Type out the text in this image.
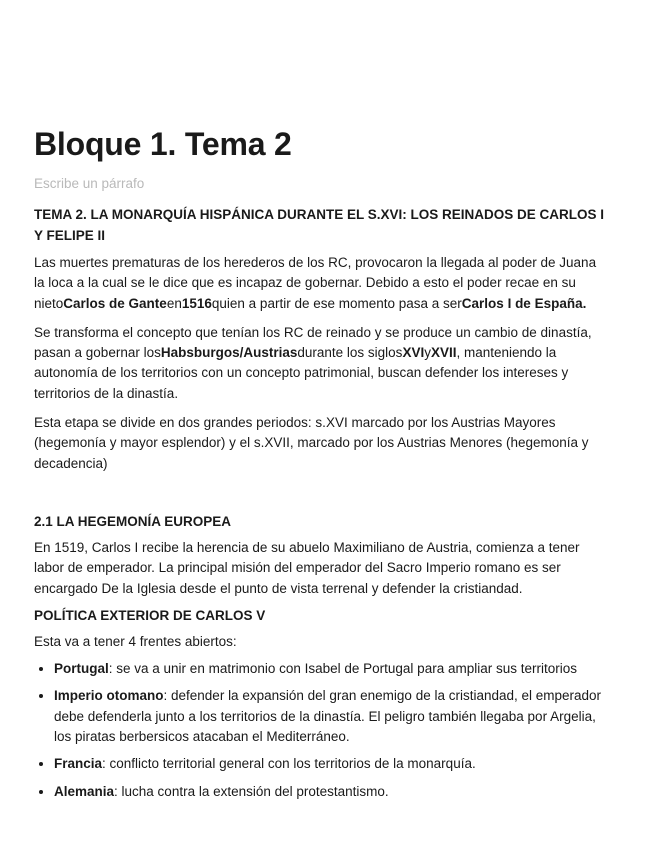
Bloque 1. Tema 2

Escribe un párrafo

TEMA 2. LA MONARQUÍA HISPÁNICA DURANTE EL S.XVI: LOS REINADOS DE CARLOS I Y FELIPE II

Las muertes prematuras de los herederos de los RC, provocaron la llegada al poder de Juana la loca a la cual se le dice que es incapaz de gobernar. Debido a esto el poder recae en su nietoCarlos de Ganteen1516quien a partir de ese momento pasa a serCarlos I de España.

Se transforma el concepto que tenían los RC de reinado y se produce un cambio de dinastía, pasan a gobernar losHabsburgos/Austriasdurante los siglosXVIyXVII, manteniendo la autonomía de los territorios con un concepto patrimonial, buscan defender los intereses y territorios de la dinastía.

Esta etapa se divide en dos grandes periodos: s.XVI marcado por los Austrias Mayores (hegemonía y mayor esplendor) y el s.XVII, marcado por los Austrias Menores (hegemonía y decadencia)

2.1 LA HEGEMONÍA EUROPEA

En 1519, Carlos I recibe la herencia de su abuelo Maximiliano de Austria, comienza a tener labor de emperador. La principal misión del emperador del Sacro Imperio romano es ser encargado De la Iglesia desde el punto de vista terrenal y defender la cristiandad.

POLÍTICA EXTERIOR DE CARLOS V

Esta va a tener 4 frentes abiertos:

• Portugal: se va a unir en matrimonio con Isabel de Portugal para ampliar sus territorios
• Imperio otomano: defender la expansión del gran enemigo de la cristiandad, el emperador debe defenderla junto a los territorios de la dinastía. El peligro también llegaba por Argelia, los piratas berbersicos atacaban el Mediterráneo.
• Francia: conflicto territorial general con los territorios de la monarquía.
• Alemania: lucha contra la extensión del protestantismo.
